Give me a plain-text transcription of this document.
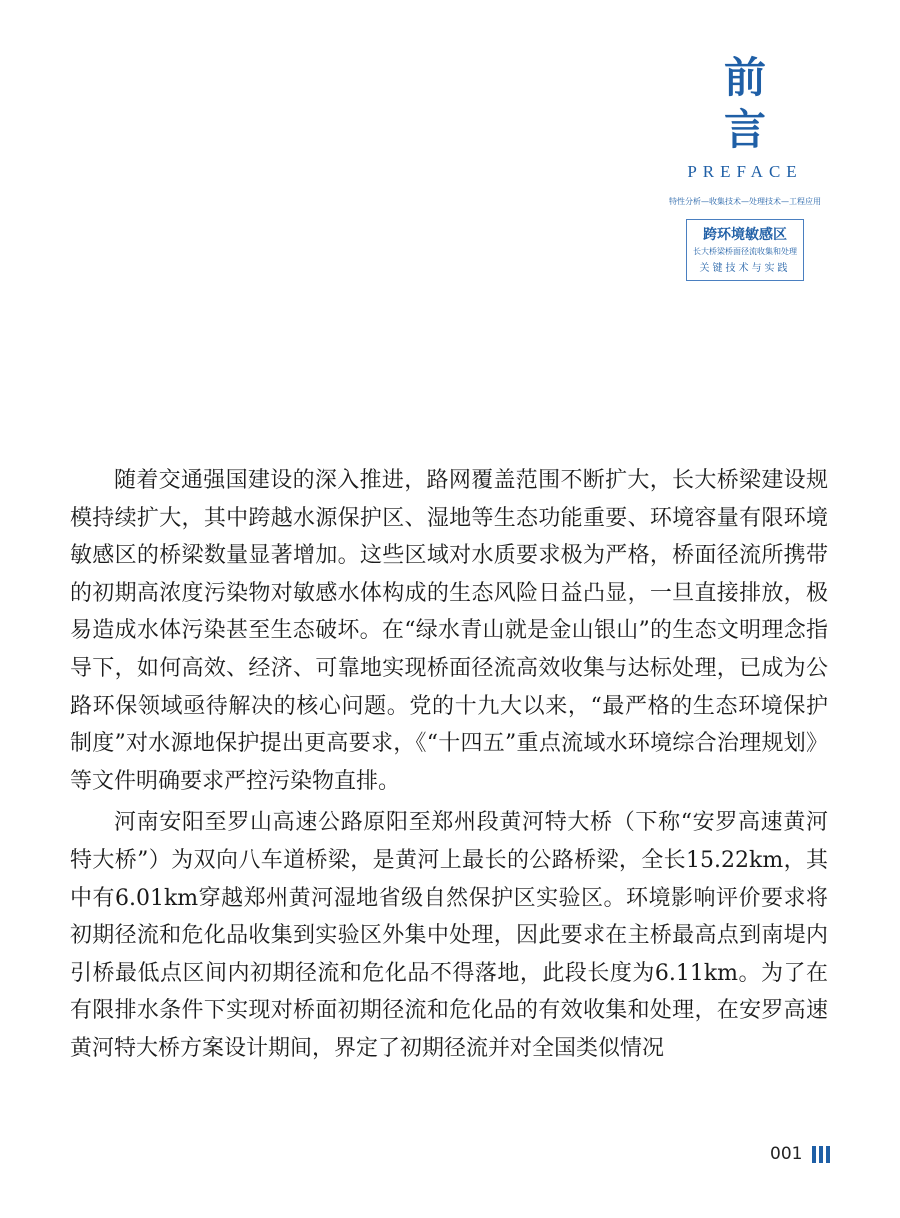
前言
PREFACE
特性分析—收集技术—处理技术—工程应用
跨环境敏感区
长大桥梁桥面径流收集和处理
关键技术与实践

随着交通强国建设的深入推进，路网覆盖范围不断扩大，长大桥梁建设规模持续扩大，其中跨越水源保护区、湿地等生态功能重要、环境容量有限环境敏感区的桥梁数量显著增加。这些区域对水质要求极为严格，桥面径流所携带的初期高浓度污染物对敏感水体构成的生态风险日益凸显，一旦直接排放，极易造成水体污染甚至生态破坏。在“绿水青山就是金山银山”的生态文明理念指导下，如何高效、经济、可靠地实现桥面径流高效收集与达标处理，已成为公路环保领域亟待解决的核心问题。党的十九大以来，“最严格的生态环境保护制度”对水源地保护提出更高要求，《“十四五”重点流域水环境综合治理规划》等文件明确要求严控污染物直排。

河南安阳至罗山高速公路原阳至郑州段黄河特大桥（下称“安罗高速黄河特大桥”）为双向八车道桥梁，是黄河上最长的公路桥梁，全长15.22km，其中有6.01km穿越郑州黄河湿地省级自然保护区实验区。环境影响评价要求将初期径流和危化品收集到实验区外集中处理，因此要求在主桥最高点到南堤内引桥最低点区间内初期径流和危化品不得落地，此段长度为6.11km。为了在有限排水条件下实现对桥面初期径流和危化品的有效收集和处理，在安罗高速黄河特大桥方案设计期间，界定了初期径流并对全国类似情况

001
